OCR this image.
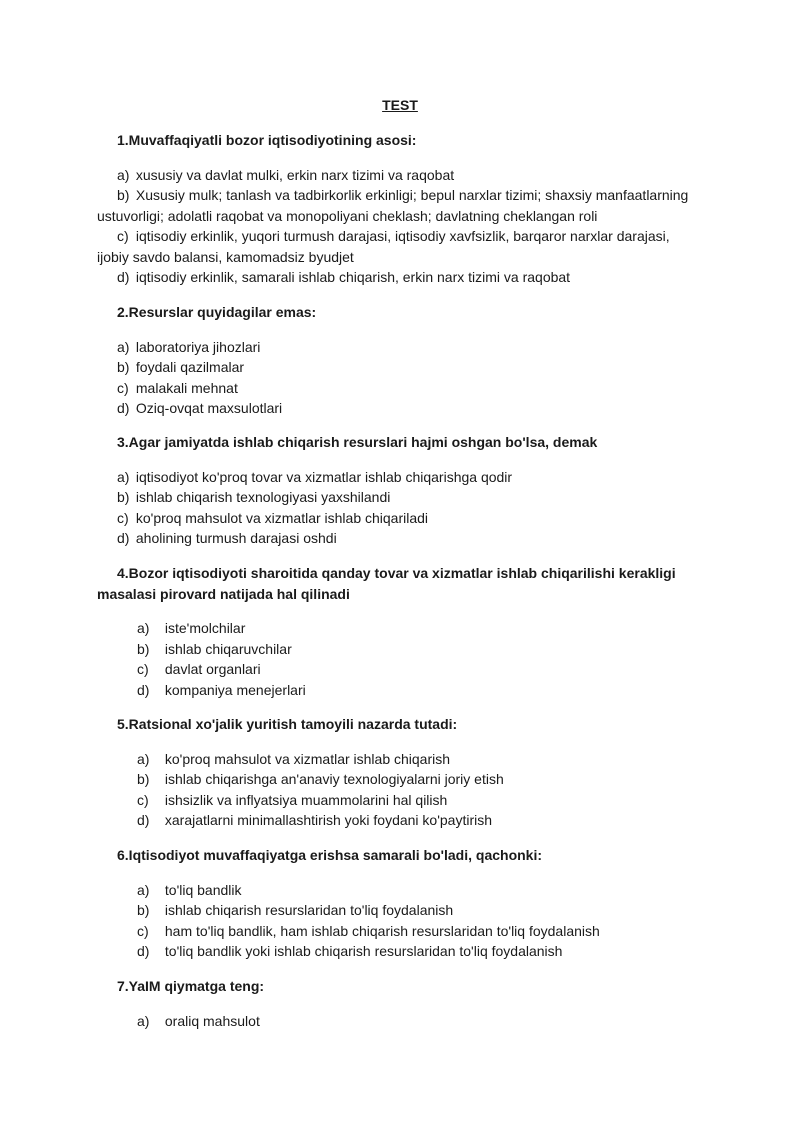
TEST
2.Resurslar quyidagilar emas:
a) laboratoriya jihozlari
b) foydali qazilmalar
c) malakali mehnat
d) Oziq-ovqat maxsulotlari
3.Agar jamiyatda ishlab chiqarish resurslari hajmi oshgan bo'lsa, demak
a) iqtisodiyot ko'proq tovar va xizmatlar ishlab chiqarishga qodir
b) ishlab chiqarish texnologiyasi yaxshilandi
c) ko'proq mahsulot va xizmatlar ishlab chiqariladi
d) aholining turmush darajasi oshdi
4.Bozor iqtisodiyoti sharoitida qanday tovar va xizmatlar ishlab chiqarilishi kerakligi masalasi pirovard natijada hal qilinadi
a) iste'molchilar
b) ishlab chiqaruvchilar
c) davlat organlari
d) kompaniya menejerlari
5.Ratsional xo'jalik yuritish tamoyili nazarda tutadi:
a) ko'proq mahsulot va xizmatlar ishlab chiqarish
b) ishlab chiqarishga an'anaviy texnologiyalarni joriy etish
c) ishsizlik va inflyatsiya muammolarini hal qilish
d) xarajatlarni minimallashtirish yoki foydani ko'paytirish
6.Iqtisodiyot muvaffaqiyatga erishsa samarali bo'ladi, qachonki:
a) to'liq bandlik
b) ishlab chiqarish resurslaridan to'liq foydalanish
c) ham to'liq bandlik, ham ishlab chiqarish resurslaridan to'liq foydalanish
d) to'liq bandlik yoki ishlab chiqarish resurslaridan to'liq foydalanish
7.YaIM qiymatga teng:
a) oraliq mahsulot
1.Muvaffaqiyatli bozor iqtisodiyotining asosi:
a) xususiy va davlat mulki, erkin narx tizimi va raqobat
b) Xususiy mulk; tanlash va tadbirkorlik erkinligi; bepul narxlar tizimi; shaxsiy manfaatlarning ustuvorligi; adolatli raqobat va monopoliyani cheklash; davlatning cheklangan roli
c) iqtisodiy erkinlik, yuqori turmush darajasi, iqtisodiy xavfsizlik, barqaror narxlar darajasi, ijobiy savdo balansi, kamomadsiz byudjet
d) iqtisodiy erkinlik, samarali ishlab chiqarish, erkin narx tizimi va raqobat
